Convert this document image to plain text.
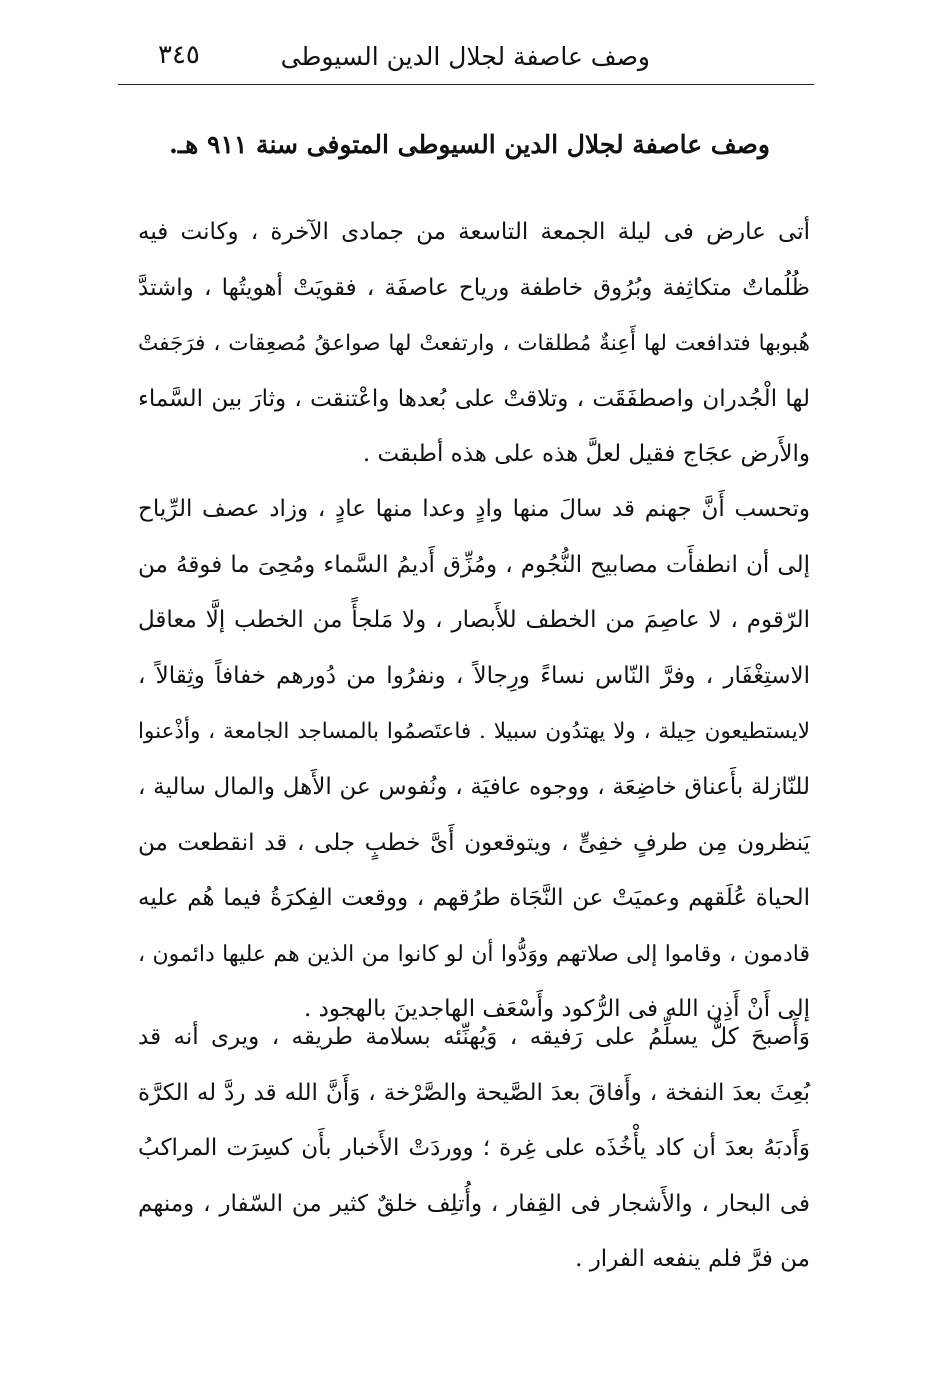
وصف عاصفة لجلال الدين السيوطى
٣٤٥
وصف عاصفة لجلال الدين السيوطى المتوفى سنة ٩١١ هـ.
أتى عارض فى ليلة الجمعة التاسعة من جمادى الآخرة ، وكانت فيه
ظُلُماتٌ متكاثِفة وبُرُوق خاطفة ورياح عاصفَة ، فقويَتْ أهويتُها ، واشتدَّ
هُبوبها فتدافعت لها أَعِنةٌ مُطلقات ، وارتفعتْ لها صواعقُ مُصعِقات ، فرَجَفتْ
لها الْجُدران واصطفَقَت ، وتلاقتْ على بُعدها واعْتنقت ، وثارَ بين السَّماء
والأَرض عجَاج فقيل لعلَّ هذه على هذه أطبقت .
وتحسب أَنَّ جهنم قد سالَ منها وادٍ وعدا منها عادٍ ، وزاد عصف الرِّياح
إلى أن انطفأَت مصابيح النُّجُوم ، ومُزِّق أَديمُ السَّماء ومُحِىَ ما فوقهُ من
الرّقوم ، لا عاصِمَ من الخطف للأَبصار ، ولا مَلجأً من الخطب إلَّا معاقل
الاستِغْفَار ، وفرَّ النّاس نساءً ورِجالاً ، ونفرُوا من دُورهم خفافاً وثِقالاً ،
لايستطيعون حِيلة ، ولا يهتدُون سبيلا . فاعتَصمُوا بالمساجد الجامعة ، وأذْعنوا
للنّازلة بأَعناق خاضِعَة ، ووجوه عافيَة ، ونُفوس عن الأَهل والمال سالية ،
يَنظرون مِن طرفٍ خفِىٍّ ، ويتوقعون أَىَّ خطبٍ جلى ، قد انقطعت من
الحياة عُلَقهم وعميَتْ عن النَّجَاة طرُقهم ، ووقعت الفِكرَةُ فيما هُم عليه
قادمون ، وقاموا إلى صلاتهم ووَدُّوا أن لو كانوا من الذين هم عليها دائمون ،
إلى أَنْ أَذِن الله فى الرُّكود وأَسْعَف الهاجدينَ بالهجود .
وَأَصبحَ كلٌّ يسلِّمُ على رَفيقه ، وَيُهنِّئه بسلامة طريقه ، ويرى أنه قد
بُعِثَ بعدَ النفخة ، وأَفاقَ بعدَ الصَّيحة والصَّرْخة ، وَأَنَّ الله قد ردَّ له الكرَّة
وَأَدبَهُ بعدَ أن كاد يأْخُذَه على غِرة ؛ ووردَتْ الأَخبار بأَن كسِرَت المراكبُ
فى البحار ، والأَشجار فى القِفار ، وأُتلِف خلقٌ كثير من السّفار ، ومنهم
من فرَّ فلم ينفعه الفرار .
